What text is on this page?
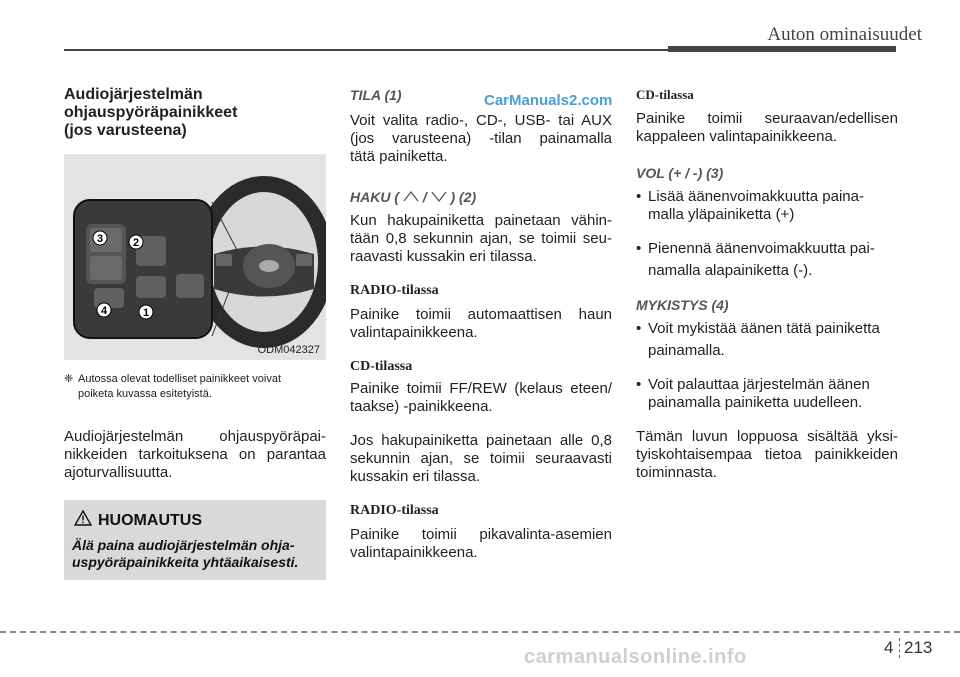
Auton ominaisuudet

Audiojärjestelmän

ohjauspyöräpainikkeet

(jos varusteena)

3	2
4	1
ODM042327
❈ Autossa olevat todelliset painikkeet voivat
poiketa kuvassa esitetyistä.

Audiojärjestelmän ohjauspyöräpai-

nikkeiden tarkoituksena on parantaa

ajoturvallisuutta.

HUOMAUTUS
Älä paina audiojärjestelmän ohja-
uspyöräpainikkeita yhtäaikaisesti.

TILA (1)

Voit valita radio-, CD-, USB- tai AUX

(jos varusteena) -tilan painamalla

tätä painiketta.

HAKU ( / ) (2)

Kun hakupainiketta painetaan vähin-

tään 0,8 sekunnin ajan, se toimii seu-

raavasti kussakin eri tilassa.

RADIO-tilassa

Painike toimii automaattisen haun

valintapainikkeena.

CD-tilassa

Painike toimii FF/REW (kelaus eteen/

taakse) -painikkeena.

Jos hakupainiketta painetaan alle 0,8

sekunnin ajan, se toimii seuraavasti

kussakin eri tilassa.

RADIO-tilassa

Painike toimii pikavalinta-asemien

valintapainikkeena.

CarManuals2.com CD-tilassa

Painike toimii seuraavan/edellisen

kappaleen valintapainikkeena.

VOL (+ / -) (3)

• Lisää äänenvoimakkuutta paina-

malla yläpainiketta (+)

• Pienennä äänenvoimakkuutta pai-

namalla alapainiketta (-).

MYKISTYS (4)

• Voit mykistää äänen tätä painiketta

painamalla.

• Voit palauttaa järjestelmän äänen

painamalla painiketta uudelleen.

Tämän luvun loppuosa sisältää yksi-

tyiskohtaisempaa tietoa painikkeiden

toiminnasta.

4 213
carmanualsonline.info
